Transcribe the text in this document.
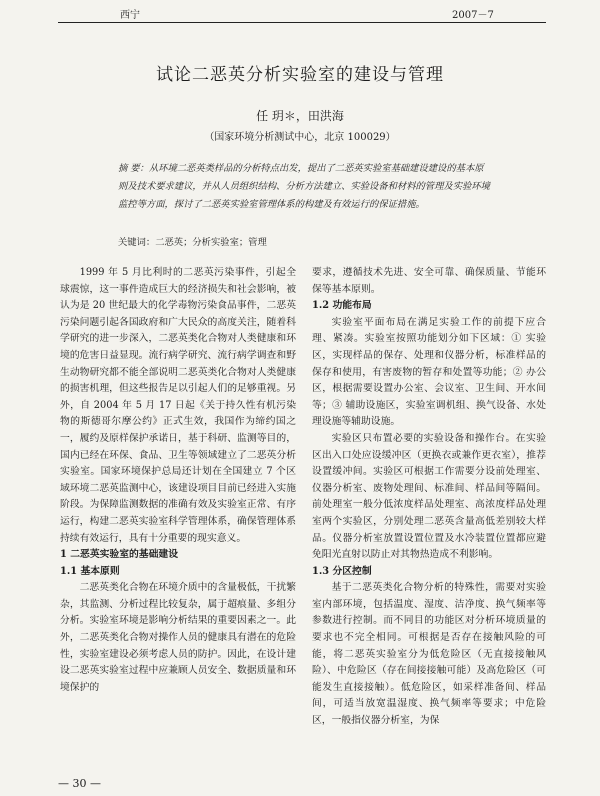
西宁	2007－7
试论二恶英分析实验室的建设与管理
任 玥＊，田洪海
（国家环境分析测试中心，北京 100029）
摘 要：从环境二恶英类样品的分析特点出发，提出了二恶英实验室基础建设建设的基本原则及技术要求建议，并从人员组织结构、分析方法建立、实验设备和材料的管理及实验环境监控等方面，探讨了二恶英实验室管理体系的构建及有效运行的保证措施。
关键词：二恶英；分析实验室；管理

1999 年 5 月比利时的二恶英污染事件，引起全球震惊，这一事件造成巨大的经济损失和社会影响，被认为是 20 世纪最大的化学毒物污染食品事件，二恶英污染问题引起各国政府和广大民众的高度关注，随着科学研究的进一步深入，二恶英类化合物对人类健康和环境的危害日益显现。流行病学研究、流行病学调查和野生动物研究都不能全部说明二恶英类化合物对人类健康的损害机理，但这些报告足以引起人们的足够重视。另外，自 2004 年 5 月 17 日起《关于持久性有机污染物的斯德哥尔摩公约》正式生效，我国作为缔约国之一，履约及原样保护承诺日，基于科研、监测等目的，国内已经在环保、食品、卫生等领域建立了二恶英分析实验室。国家环境保护总局还计划在全国建立 7 个区域环境二恶英监测中心，该建设项目目前已经进入实施阶段。为保障监测数据的准确有效及实验室正常、有序运行，构建二恶英实验室科学管理体系，确保管理体系持续有效运行，具有十分重要的现实意义。

1 二恶英实验室的基础建设
1.1 基本原则

二恶英类化合物在环境介质中的含量极低，干扰繁杂，其监测、分析过程比较复杂，属于超痕量、多组分分析。实验室环境是影响分析结果的重要因素之一。此外，二恶英类化合物对操作人员的健康具有潜在的危险性，实验室建设必须考虑人员的防护。因此，在设计建设二恶英实验室过程中应兼顾人员安全、数据质量和环境保护的

要求，遵循技术先进、安全可靠、确保质量、节能环保等基本原则。

1.2 功能布局

实验室平面布局在满足实验工作的前提下应合理、紧凑。实验室按照功能划分如下区域：① 实验区，实现样品的保存、处理和仪器分析，标准样品的保存和使用，有害废物的暂存和处置等功能；② 办公区，根据需要设置办公室、会议室、卫生间、开水间等；③ 辅助设施区，实验室调机组、换气设备、水处理设施等辅助设施。

实验区只布置必要的实验设备和操作台。在实验区出入口处应设缓冲区（更换衣或兼作更衣室），推荐设置缓冲间。实验区可根据工作需要分设前处理室、仪器分析室、废物处理间、标准间、样品间等隔间。前处理室一般分低浓度样品处理室、高浓度样品处理室两个实验区，分别处理二恶英含量高低差别较大样品。仪器分析室放置设置位置及水冷装置位置都应避免阳光直射以防止对其物热造成不利影响。

1.3 分区控制

基于二恶英类化合物分析的特殊性，需要对实验室内部环境，包括温度、湿度、洁净度、换气频率等参数进行控制。而不同目的功能区对分析环境质量的要求也不完全相同。可根据是否存在接触风险的可能，将二恶英实验室分为低危险区（无直接接触风险）、中危险区（存在间接接触可能）及高危险区（可能发生直接接触）。低危险区，如采样准备间、样品间，可适当放宽温湿度、换气频率等要求；中危险区，一般指仪器分析室，为保

— 30 —
